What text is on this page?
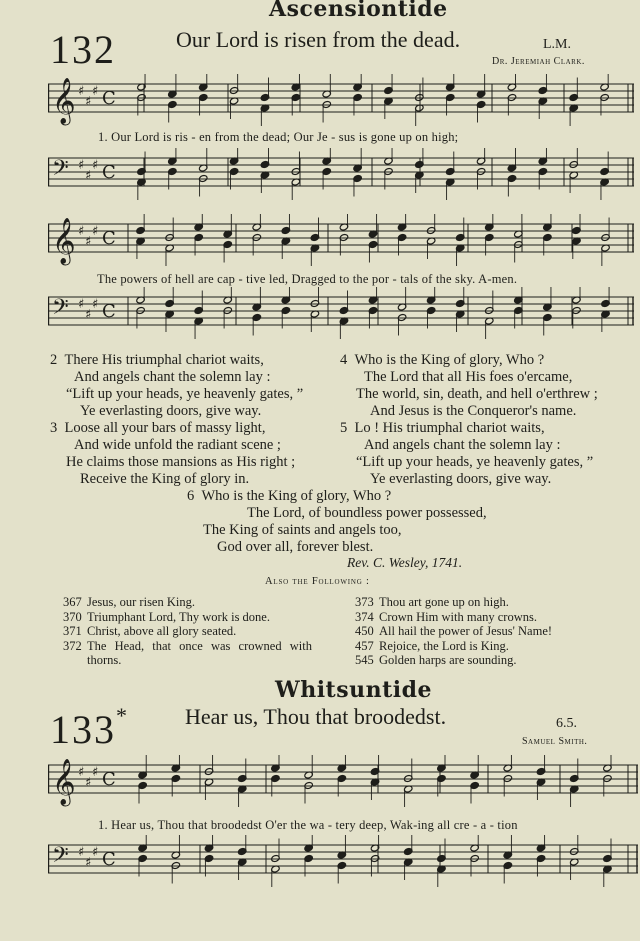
Ascensiontide
132	Our Lord is risen from the dead.	L.M.
Dr. Jeremiah Clark.
𝄞 ♯
♯
♯ C
1. Our Lord is ris - en from the dead; Our Je - sus is gone up on high;
𝄢 ♯
♯
♯ C
𝄞 ♯
♯
♯ C
The powers of hell are cap - tive led, Dragged to the por - tals of the sky. A-men.
𝄢 ♯
♯
♯ C
2 There His triumphal chariot waits,
And angels chant the solemn lay :
“Lift up your heads, ye heavenly gates, ”
Ye everlasting doors, give way.
3 Loose all your bars of massy light,
And wide unfold the radiant scene ;
He claims those mansions as His right ;
Receive the King of glory in.
4 Who is the King of glory, Who ?
The Lord that all His foes o'ercame,
The world, sin, death, and hell o'erthrew ;
And Jesus is the Conqueror's name.
5 Lo ! His triumphal chariot waits,
And angels chant the solemn lay :
“Lift up your heads, ye heavenly gates, ”
Ye everlasting doors, give way.
6 Who is the King of glory, Who ?
The Lord, of boundless power possessed,
The King of saints and angels too,
God over all, forever blest.
Rev. C. Wesley, 1741.
Also the Following :
367 Jesus, our risen King.
370 Triumphant Lord, Thy work is done.
371 Christ, above all glory seated.
372 The Head, that once was crowned with thorns.
373 Thou art gone up on high.
374 Crown Him with many crowns.
450 All hail the power of Jesus' Name!
457 Rejoice, the Lord is King.
545 Golden harps are sounding.
Whitsuntide
133*	Hear us, Thou that broodedst.	6.5.
Samuel Smith.
𝄞 ♯
♯
♯ C
1. Hear us, Thou that broodedst O'er the wa - tery deep, Wak-ing all cre - a - tion
𝄢 ♯
♯
♯ C
